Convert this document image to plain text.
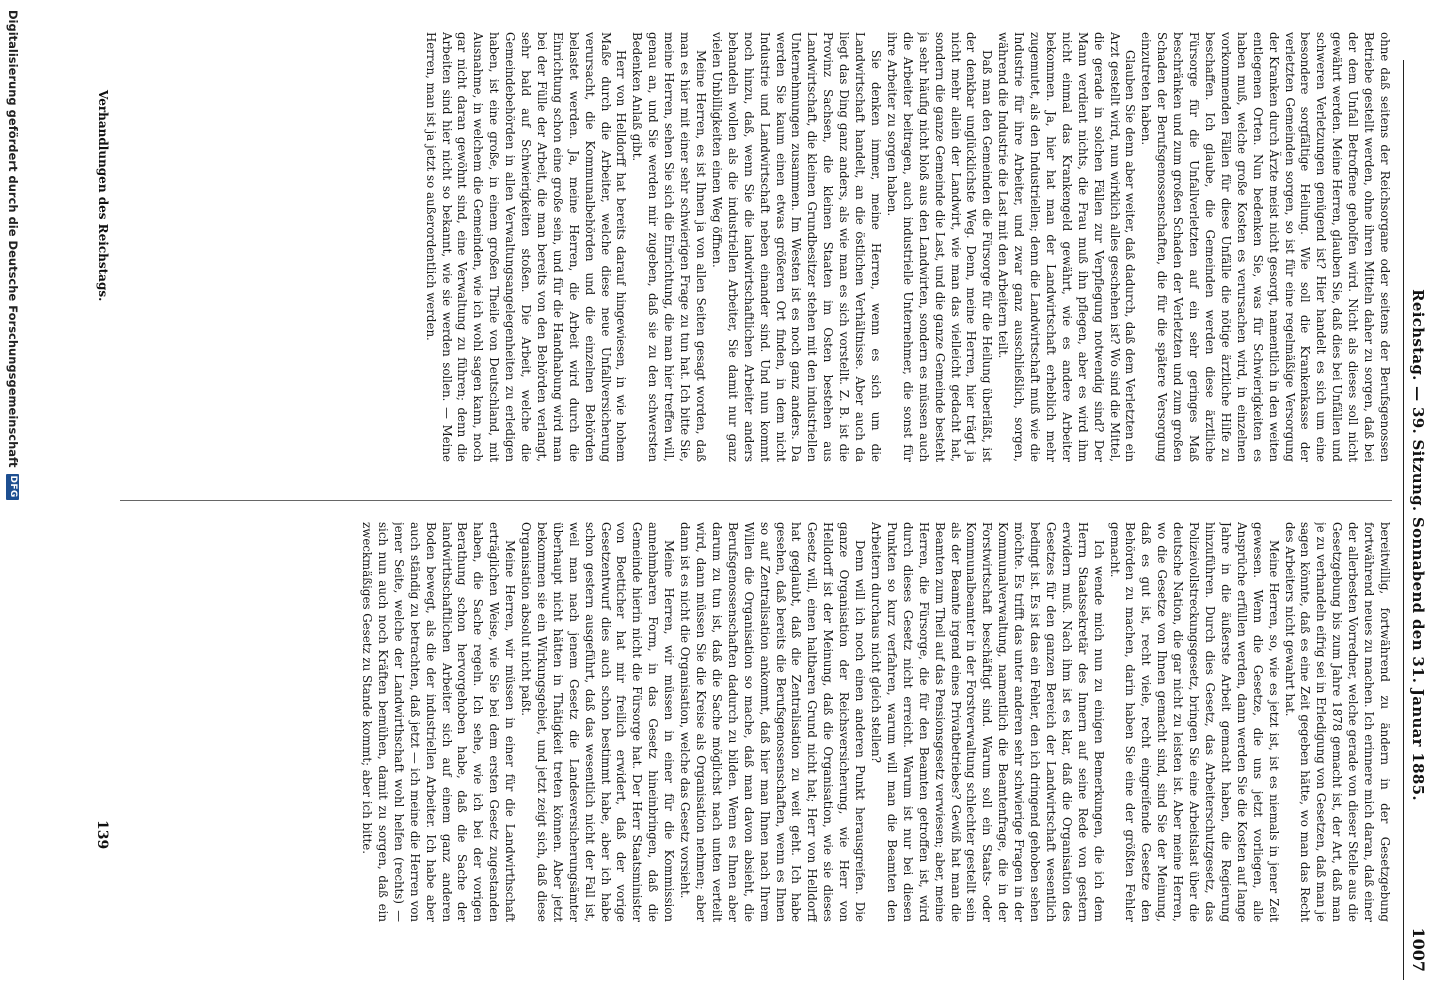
Reichstag. — 39. Sitzung. Sonnabend den 31. Januar 1885.
1007

ohne daß seitens der Reichsorgane oder seitens der Berufsgenossen Betriebe gestellt werden, ohne ihren Mitteln daher zu sorgen, daß bei der dem Unfall Betroffene geholfen wird. Nicht als dieses soll nicht gewährt werden. Meine Herren, glauben Sie, daß dies bei Unfällen und schweren Verletzungen genügend ist? Hier handelt es sich um eine besondere sorgfältige Heilung. Wie soll die Krankenkasse der verletzten Gemeinden sorgen, so ist für eine regelmäßige Versorgung der Kranken durch Ärzte meist nicht gesorgt, namentlich in den weiten entlegenen Orten. Nun bedenken Sie, was für Schwierigkeiten es haben muß, welche große Kosten es verursachen wird, in einzelnen vorkommenden Fällen für diese Unfälle die nötige ärztliche Hilfe zu beschaffen. Ich glaube, die Gemeinden werden diese ärztliche Fürsorge für die Unfallverletzten auf ein sehr geringes Maß beschränken und zum großen Schaden der Verletzten und zum großen Schaden der Berufsgenossenschaften, die für die spätere Versorgung einzutreten haben.

Glauben Sie denn aber weiter, daß dadurch, daß dem Verletzten ein Arzt gestellt wird, nun wirklich alles geschehen ist? Wo sind die Mittel, die gerade in solchen Fällen zur Verpflegung notwendig sind? Der Mann verdient nichts, die Frau muß ihn pflegen, aber es wird ihm nicht einmal das Krankengeld gewährt, wie es andere Arbeiter bekommen. Ja, hier hat man der Landwirtschaft erheblich mehr zugemutet, als den Industriellen; denn die Landwirtschaft muß wie die Industrie für ihre Arbeiter, und zwar ganz ausschließlich, sorgen, während die Industrie die Last mit den Arbeitern teilt.

Daß man den Gemeinden die Fürsorge für die Heilung überläßt, ist der denkbar unglücklichste Weg. Denn, meine Herren, hier trägt ja nicht mehr allein der Landwirt, wie man das vielleicht gedacht hat, sondern die ganze Gemeinde die Last, und die ganze Gemeinde besteht ja sehr häufig nicht bloß aus den Landwirten, sondern es müssen auch die Arbeiter beitragen, auch industrielle Unternehmer, die sonst für ihre Arbeiter zu sorgen haben.

Sie denken immer, meine Herren, wenn es sich um die Landwirtschaft handelt, an die östlichen Verhältnisse. Aber auch da liegt das Ding ganz anders, als wie man es sich vorstellt. Z. B. ist die Provinz Sachsen, die kleinen Staaten im Osten bestehen aus Landwirtschaft, die kleinen Grundbesitzer stehen mit den industriellen Unternehmungen zusammen. Im Westen ist es noch ganz anders. Da werden Sie kaum einen etwas größeren Ort finden, in dem nicht Industrie und Landwirtschaft neben einander sind. Und nun kommt noch hinzu, daß, wenn Sie die landwirtschaftlichen Arbeiter anders behandeln wollen als die industriellen Arbeiter, Sie damit nur ganz vielen Unbilligkeiten einen Weg öffnen.

Meine Herren, es ist Ihnen ja von allen Seiten gesagt worden, daß man es hier mit einer sehr schwierigen Frage zu tun hat. Ich bitte Sie, meine Herren, sehen Sie sich die Einrichtung, die man hier treffen will, genau an, und Sie werden mir zugeben, daß sie zu den schwersten Bedenken Anlaß gibt.

Herr von Helldorff hat bereits darauf hingewiesen, in wie hohem Maße durch die Arbeiter, welche diese neue Unfallversicherung verursacht, die Kommunalbehörden und die einzelnen Behörden belastet werden. Ja, meine Herren, die Arbeit wird durch die Einrichtung schon eine große sein, und für die Handhabung wird man bei der Fülle der Arbeit, die man bereits von den Behörden verlangt, sehr bald auf Schwierigkeiten stoßen. Die Arbeit, welche die Gemeindebehörden in allen Verwaltungsangelegenheiten zu erledigen haben, ist eine große, in einem großen Theile von Deutschland, mit Ausnahme, in welchem die Gemeinden, wie ich wohl sagen kann, noch gar nicht daran gewöhnt sind, eine Verwaltung zu führen; denn die Arbeiten sind hier nicht so bekannt, wie sie werden sollen. — Meine Herren, man ist ja jetzt so außerordentlich werden.

bereitwillig, fortwährend zu ändern in der Gesetzgebung fortwährend neues zu machen. Ich erinnere mich daran, daß einer der allerbesten Vorredner, welche gerade von dieser Stelle aus die Gesetzgebung bis zum Jahre 1878 gemacht ist, der Art, daß man je zu verhandeln eifrig sei in Erledigung von Gesetzen, daß man je sagen könnte, daß es eine Zeit gegeben hätte, wo man das Recht des Arbeiters nicht gewahrt hat.

Meine Herren, so, wie es jetzt ist, ist es niemals in jener Zeit gewesen. Wenn die Gesetze, die uns jetzt vorliegen, alle Ansprüche erfüllen werden, dann werden Sie die Kosten auf lange Jahre in die äußerste Arbeit gemacht haben, die Regierung hinzuführen. Durch dies Gesetz, das Arbeiterschutzgesetz, das Polizeivollstreckungsgesetz, bringen Sie eine Arbeitslast über die deutsche Nation, die gar nicht zu leisten ist. Aber meine Herren, wo die Gesetze von Ihnen gemacht sind, sind Sie der Meinung, daß es gut ist, recht viele, recht eingreifende Gesetze den Behörden zu machen, darin haben Sie eine der größten Fehler gemacht.

Ich wende mich nun zu einigen Bemerkungen, die ich dem Herrn Staatssekretär des Innern auf seine Rede von gestern erwidern muß. Nach ihm ist es klar, daß die Organisation des Gesetzes für den ganzen Bereich der Landwirtschaft wesentlich bedingt ist. Es ist das ein Fehler, den ich dringend gehoben sehen möchte. Es trifft das unter anderen sehr schwierige Fragen in der Kommunalverwaltung, namentlich die Beamtenfrage, die in der Forstwirtschaft beschäftigt sind. Warum soll ein Staats- oder Kommunalbeamter in der Forstverwaltung schlechter gestellt sein als der Beamte irgend eines Privatbetriebes? Gewiß hat man die Beamten zum Theil auf das Pensionsgesetz verwiesen; aber, meine Herren, die Fürsorge, die für den Beamten getroffen ist, wird durch dieses Gesetz nicht erreicht. Warum ist nur bei diesen Punkten so kurz verfahren, warum will man die Beamten den Arbeitern durchaus nicht gleich stellen?

Denn will ich noch einen anderen Punkt herausgreifen. Die ganze Organisation der Reichsversicherung, wie Herr von Helldorff ist der Meinung, daß die Organisation, wie sie dieses Gesetz will, einen haltbaren Grund nicht hat; Herr von Helldorff hat geglaubt, daß die Zentralisation zu weit geht. Ich habe gesehen, daß bereits die Berufsgenossenschaften, wenn es Ihnen so auf Zentralisation ankommt, daß hier man Ihnen nach Ihrem Willen die Organisation so mache, daß man davon absieht, die Berufsgenossenschaften dadurch zu bilden. Wenn es Ihnen aber darum zu tun ist, daß die Sache möglichst nach unten verteilt wird, dann müssen Sie die Kreise als Organisation nehmen; aber dann ist es nicht die Organisation, welche das Gesetz vorsieht.

Meine Herren, wir müssen in einer für die Kommission annehmbaren Form, in das Gesetz hineinbringen, daß die Gemeinde hierin nicht die Fürsorge hat. Der Herr Staatsminister von Boetticher hat mir freilich erwidert, daß der vorige Gesetzentwurf dies auch schon bestimmt habe, aber ich habe schon gestern ausgeführt, daß das wesentlich nicht der Fall ist, weil man nach jenem Gesetz die Landesversicherungsämter überhaupt nicht hätten in Thätigkeit treten können. Aber jetzt bekommen sie ein Wirkungsgebiet, und jetzt zeigt sich, daß diese Organisation absolut nicht paßt.

Meine Herren, wir müssen in einer für die Landwirthschaft erträglichen Weise, wie Sie bei dem ersten Gesetz zugestanden haben, die Sache regeln. Ich sehe, wie ich bei der vorigen Berathung schon hervorgehoben habe, daß die Sache der landwirthschaftlichen Arbeiter sich auf einem ganz anderen Boden bewegt, als die der industriellen Arbeiter. Ich habe aber auch ständig zu betrachten, daß jetzt — ich meine die Herren von jener Seite, welche der Landwirthschaft wohl helfen (rechts) — sich nun auch noch Kräften bemühen, damit zu sorgen, daß ein zweckmäßiges Gesetz zu Stande kommt; aber ich bitte.

Verhandlungen des Reichstags.
139
Digitalisierung gefördert durch die Deutsche Forschungsgemeinschaft
DFG
